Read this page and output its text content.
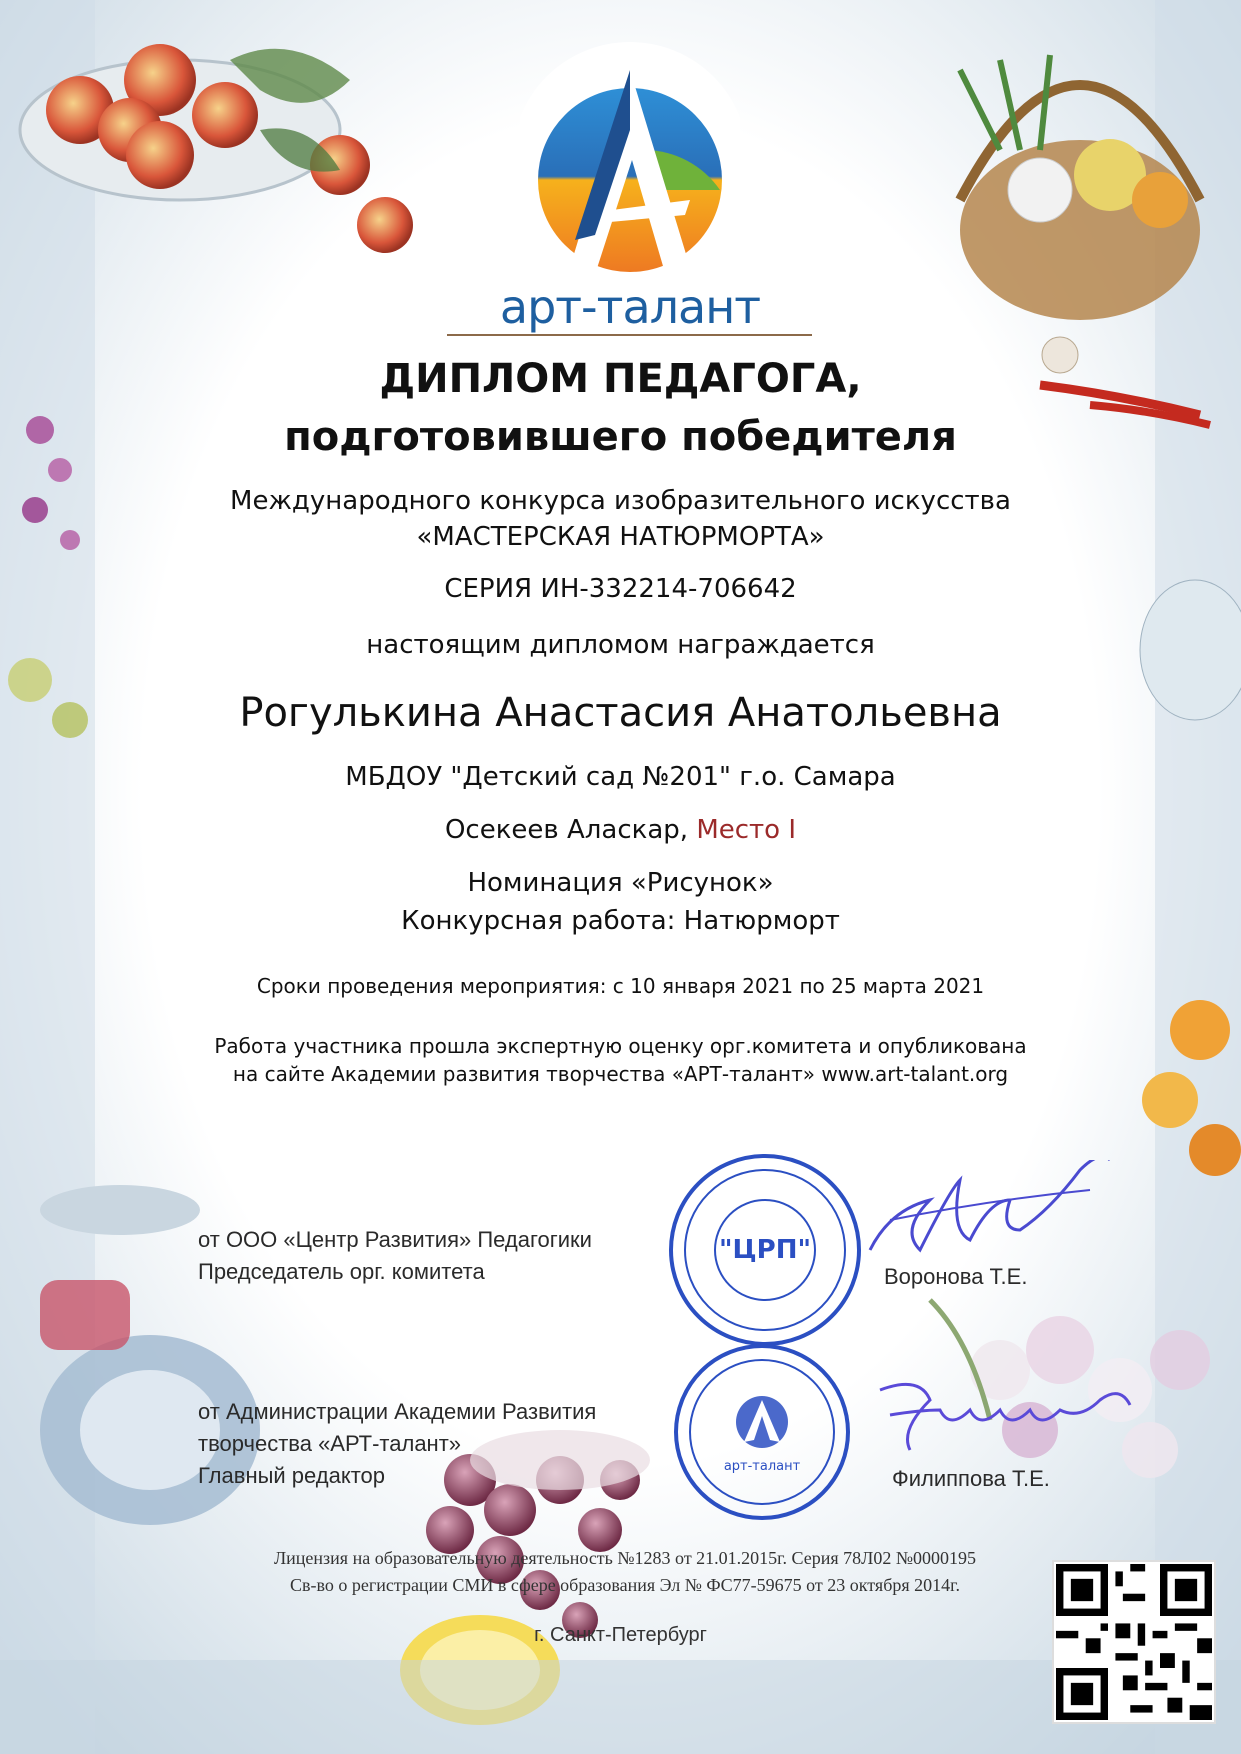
арт-талант
ДИПЛОМ ПЕДАГОГА,
подготовившего победителя
Международного конкурса изобразительного искусства
«МАСТЕРСКАЯ НАТЮРМОРТА»
СЕРИЯ ИН-332214-706642
настоящим дипломом награждается
Рогулькина Анастасия Анатольевна
МБДОУ "Детский сад №201" г.о. Самара
Осекеев Аласкар, Место I
Номинация «Рисунок»
Конкурсная работа: Натюрморт
Сроки проведения мероприятия: с 10 января 2021 по 25 марта 2021
Работа участника прошла экспертную оценку орг.комитета и опубликована
на сайте Академии развития творчества «АРТ-талант» www.art-talant.org
от ООО «Центр Развития» Педагогики
Председатель орг. комитета	Воронова Т.Е.
"ЦРП"
от Администрации Академии Развития
творчества «АРТ-талант»
Главный редактор	Филиппова Т.Е.
арт-талант
Лицензия на образовательную деятельность №1283 от 21.01.2015г. Серия 78Л02 №0000195
Св-во о регистрации СМИ в сфере образования Эл № ФС77-59675 от 23 октября 2014г.
г. Санкт-Петербург
